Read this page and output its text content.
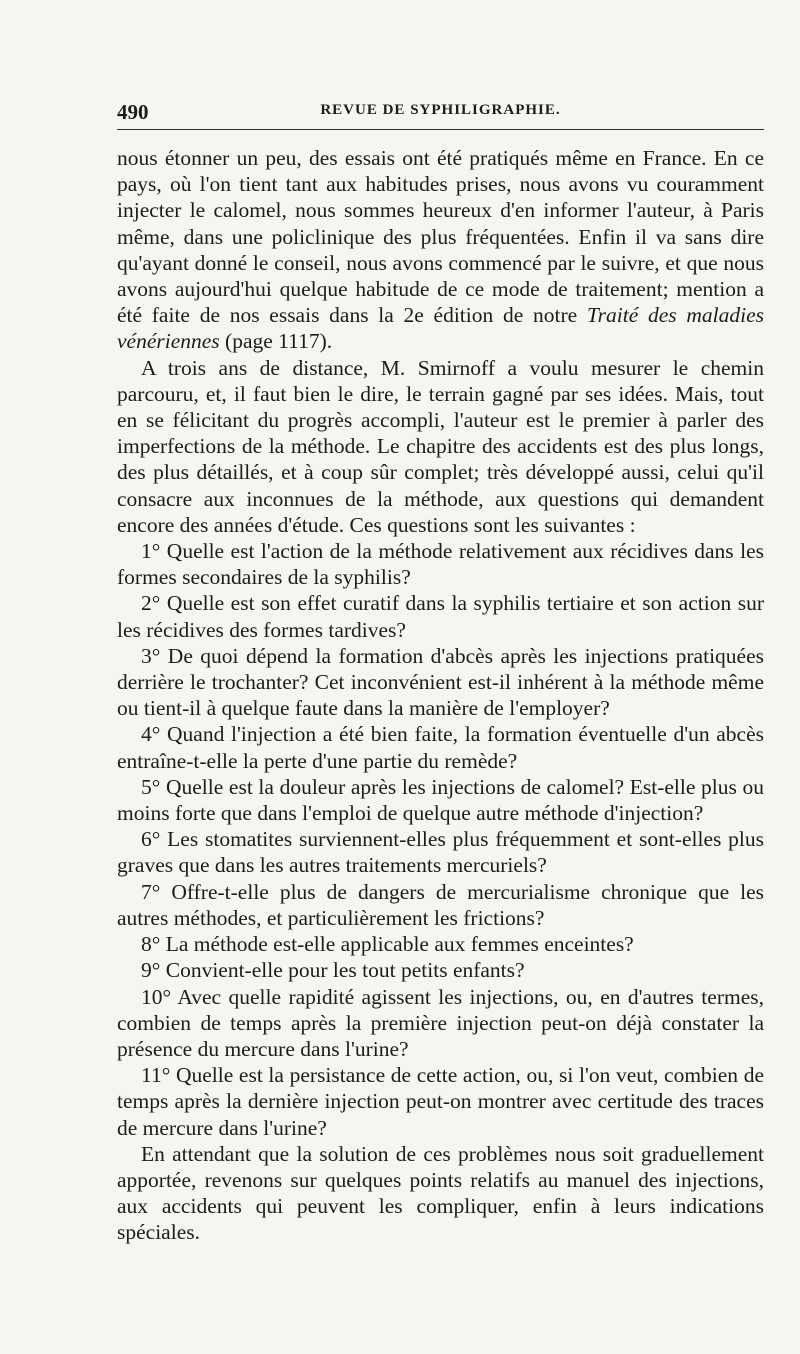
490	REVUE DE SYPHILIGRAPHIE.

nous étonner un peu, des essais ont été pratiqués même en France. En ce pays, où l'on tient tant aux habitudes prises, nous avons vu couramment injecter le calomel, nous sommes heureux d'en informer l'auteur, à Paris même, dans une policlinique des plus fréquentées. Enfin il va sans dire qu'ayant donné le conseil, nous avons commencé par le suivre, et que nous avons aujourd'hui quelque habitude de ce mode de traitement; mention a été faite de nos essais dans la 2e édition de notre Traité des maladies vénériennes (page 1117).

A trois ans de distance, M. Smirnoff a voulu mesurer le chemin parcouru, et, il faut bien le dire, le terrain gagné par ses idées. Mais, tout en se félicitant du progrès accompli, l'auteur est le premier à parler des imperfections de la méthode. Le chapitre des accidents est des plus longs, des plus détaillés, et à coup sûr complet; très développé aussi, celui qu'il consacre aux inconnues de la méthode, aux questions qui demandent encore des années d'étude. Ces questions sont les suivantes :

1° Quelle est l'action de la méthode relativement aux récidives dans les formes secondaires de la syphilis?

2° Quelle est son effet curatif dans la syphilis tertiaire et son action sur les récidives des formes tardives?

3° De quoi dépend la formation d'abcès après les injections pratiquées derrière le trochanter? Cet inconvénient est-il inhérent à la méthode même ou tient-il à quelque faute dans la manière de l'employer?

4° Quand l'injection a été bien faite, la formation éventuelle d'un abcès entraîne-t-elle la perte d'une partie du remède?

5° Quelle est la douleur après les injections de calomel? Est-elle plus ou moins forte que dans l'emploi de quelque autre méthode d'injection?

6° Les stomatites surviennent-elles plus fréquemment et sont-elles plus graves que dans les autres traitements mercuriels?

7° Offre-t-elle plus de dangers de mercurialisme chronique que les autres méthodes, et particulièrement les frictions?

8° La méthode est-elle applicable aux femmes enceintes?

9° Convient-elle pour les tout petits enfants?

10° Avec quelle rapidité agissent les injections, ou, en d'autres termes, combien de temps après la première injection peut-on déjà constater la présence du mercure dans l'urine?

11° Quelle est la persistance de cette action, ou, si l'on veut, combien de temps après la dernière injection peut-on montrer avec certitude des traces de mercure dans l'urine?

En attendant que la solution de ces problèmes nous soit graduellement apportée, revenons sur quelques points relatifs au manuel des injections, aux accidents qui peuvent les compliquer, enfin à leurs indications spéciales.
